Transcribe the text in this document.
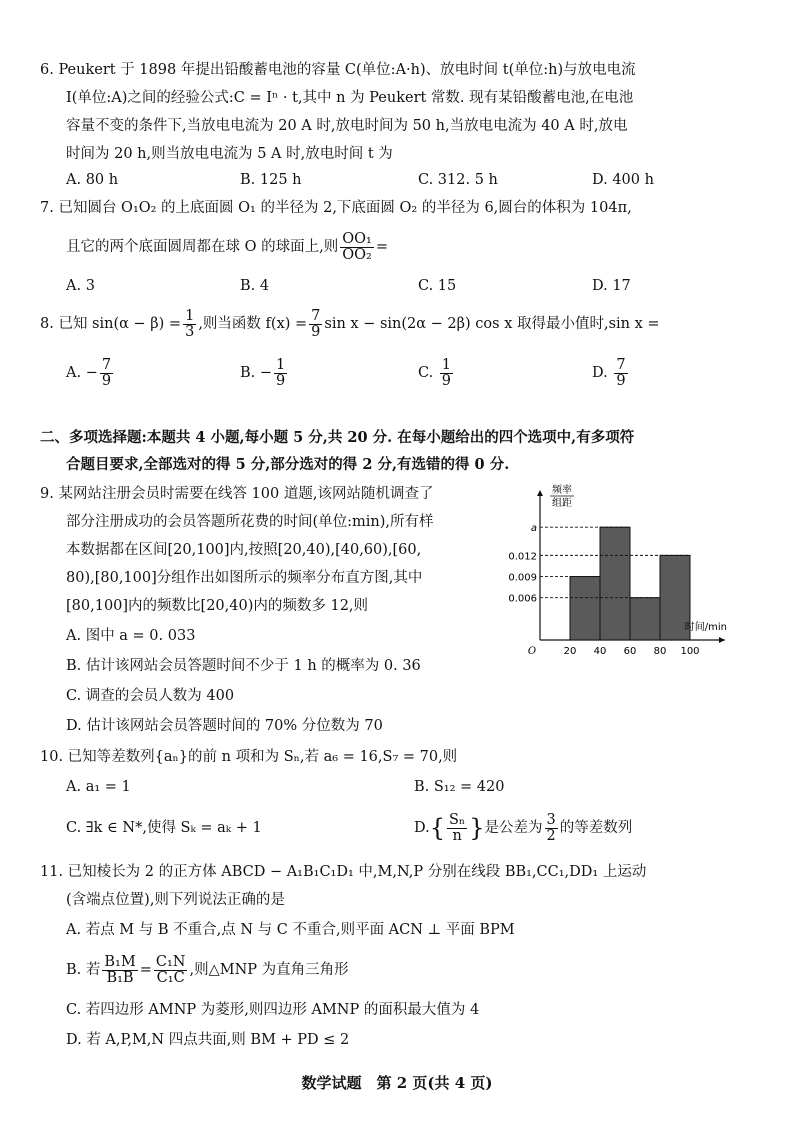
6. Peukert 于 1898 年提出铅酸蓄电池的容量 C(单位:A·h)、放电时间 t(单位:h)与放电电流
I(单位:A)之间的经验公式:C = Iⁿ · t,其中 n 为 Peukert 常数. 现有某铅酸蓄电池,在电池
容量不变的条件下,当放电电流为 20 A 时,放电时间为 50 h,当放电电流为 40 A 时,放电
时间为 20 h,则当放电电流为 5 A 时,放电时间 t 为
A. 80 h	B. 125 h	C. 312. 5 h	D. 400 h
7. 已知圆台 O₁O₂ 的上底面圆 O₁ 的半径为 2,下底面圆 O₂ 的半径为 6,圆台的体积为 104π,
且它的两个底面圆周都在球 O 的球面上,则 $\frac{\text{OO₁}}{\text{OO₂}}$ =
A. 3	B. 4	C. 15	D. 17
8. 已知 $\sin(\alpha - \beta) = \frac{1}{3}$ ,则当函数 $f(x) = \frac{7}{9}$ sin x − sin(2α − 2β) cos x 取得最小值时,sin x =
A. − $\frac{7}{9}$	B. − $\frac{1}{9}$	C. $\frac{1}{9}$	D. $\frac{7}{9}$
二、多项选择题:本题共 4 小题,每小题 5 分,共 20 分. 在每小题给出的四个选项中,有多项符
合题目要求,全部选对的得 5 分,部分选对的得 2 分,有选错的得 0 分.
9. 某网站注册会员时需要在线答 100 道题,该网站随机调查了
部分注册成功的会员答题所花费的时间(单位:min),所有样
本数据都在区间[20,100]内,按照[20,40),[40,60),[60,
80),[80,100]分组作出如图所示的频率分布直方图,其中
[80,100]内的频数比[20,40)内的频数多 12,则
A. 图中 a = 0. 033
B. 估计该网站会员答题时间不少于 1 h 的概率为 0. 36
C. 调查的会员人数为 400
D. 估计该网站会员答题时间的 70% 分位数为 70
0.006
0.009
0.012
a
20 40 60 80 100
O
频率
组距
时间/min
10. 已知等差数列{aₙ}的前 n 项和为 Sₙ,若 a₆ = 16,S₇ = 70,则
A. a₁ = 1	B. S₁₂ = 420
C. ∃k ∈ N*,使得 Sₖ = aₖ + 1	$D.\{ \frac{\text{Sₙ}}{n}$ }是公差为 $\frac{3}{2}$ 的等差数列
11. 已知棱长为 2 的正方体 ABCD − A₁B₁C₁D₁ 中,M,N,P 分别在线段 BB₁,CC₁,DD₁ 上运动
(含端点位置),则下列说法正确的是
A. 若点 M 与 B 不重合,点 N 与 C 不重合,则平面 ACN ⊥ 平面 BPM
B. 若 $\frac{\text{B₁M}}{\text{B₁B}} = \frac{\text{C₁N}}{\text{C₁C}}$ ,则△MNP 为直角三角形
C. 若四边形 AMNP 为菱形,则四边形 AMNP 的面积最大值为 4
D. 若 A,P,M,N 四点共面,则 BM + PD ≤ 2
数学试题　第 2 页(共 4 页)
